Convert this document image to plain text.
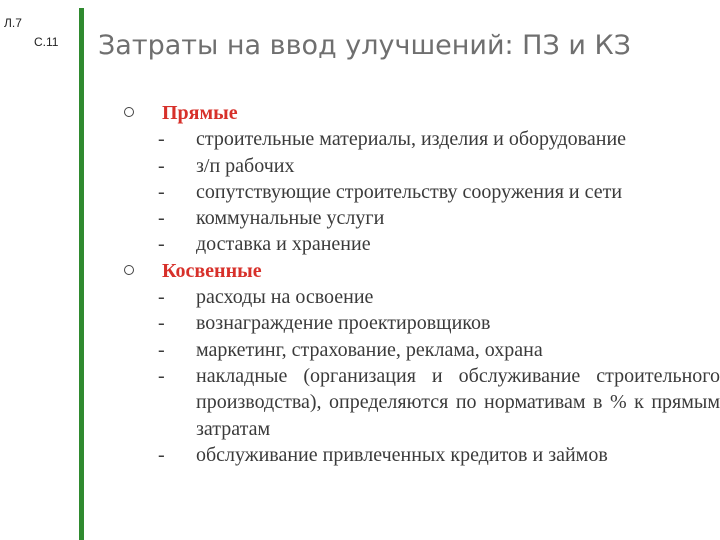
Л.7
С.11 Затраты на ввод улучшений: ПЗ и КЗ
Прямые
- строительные материалы, изделия и оборудование
- з/п рабочих
- сопутствующие строительству сооружения и сети
- коммунальные услуги
- доставка и хранение
Косвенные
- расходы на освоение
- вознаграждение проектировщиков
- маркетинг, страхование, реклама, охрана
- накладные (организация и обслуживание строительного производства), определяются по нормативам в % к прямым затратам
- обслуживание привлеченных кредитов и займов
